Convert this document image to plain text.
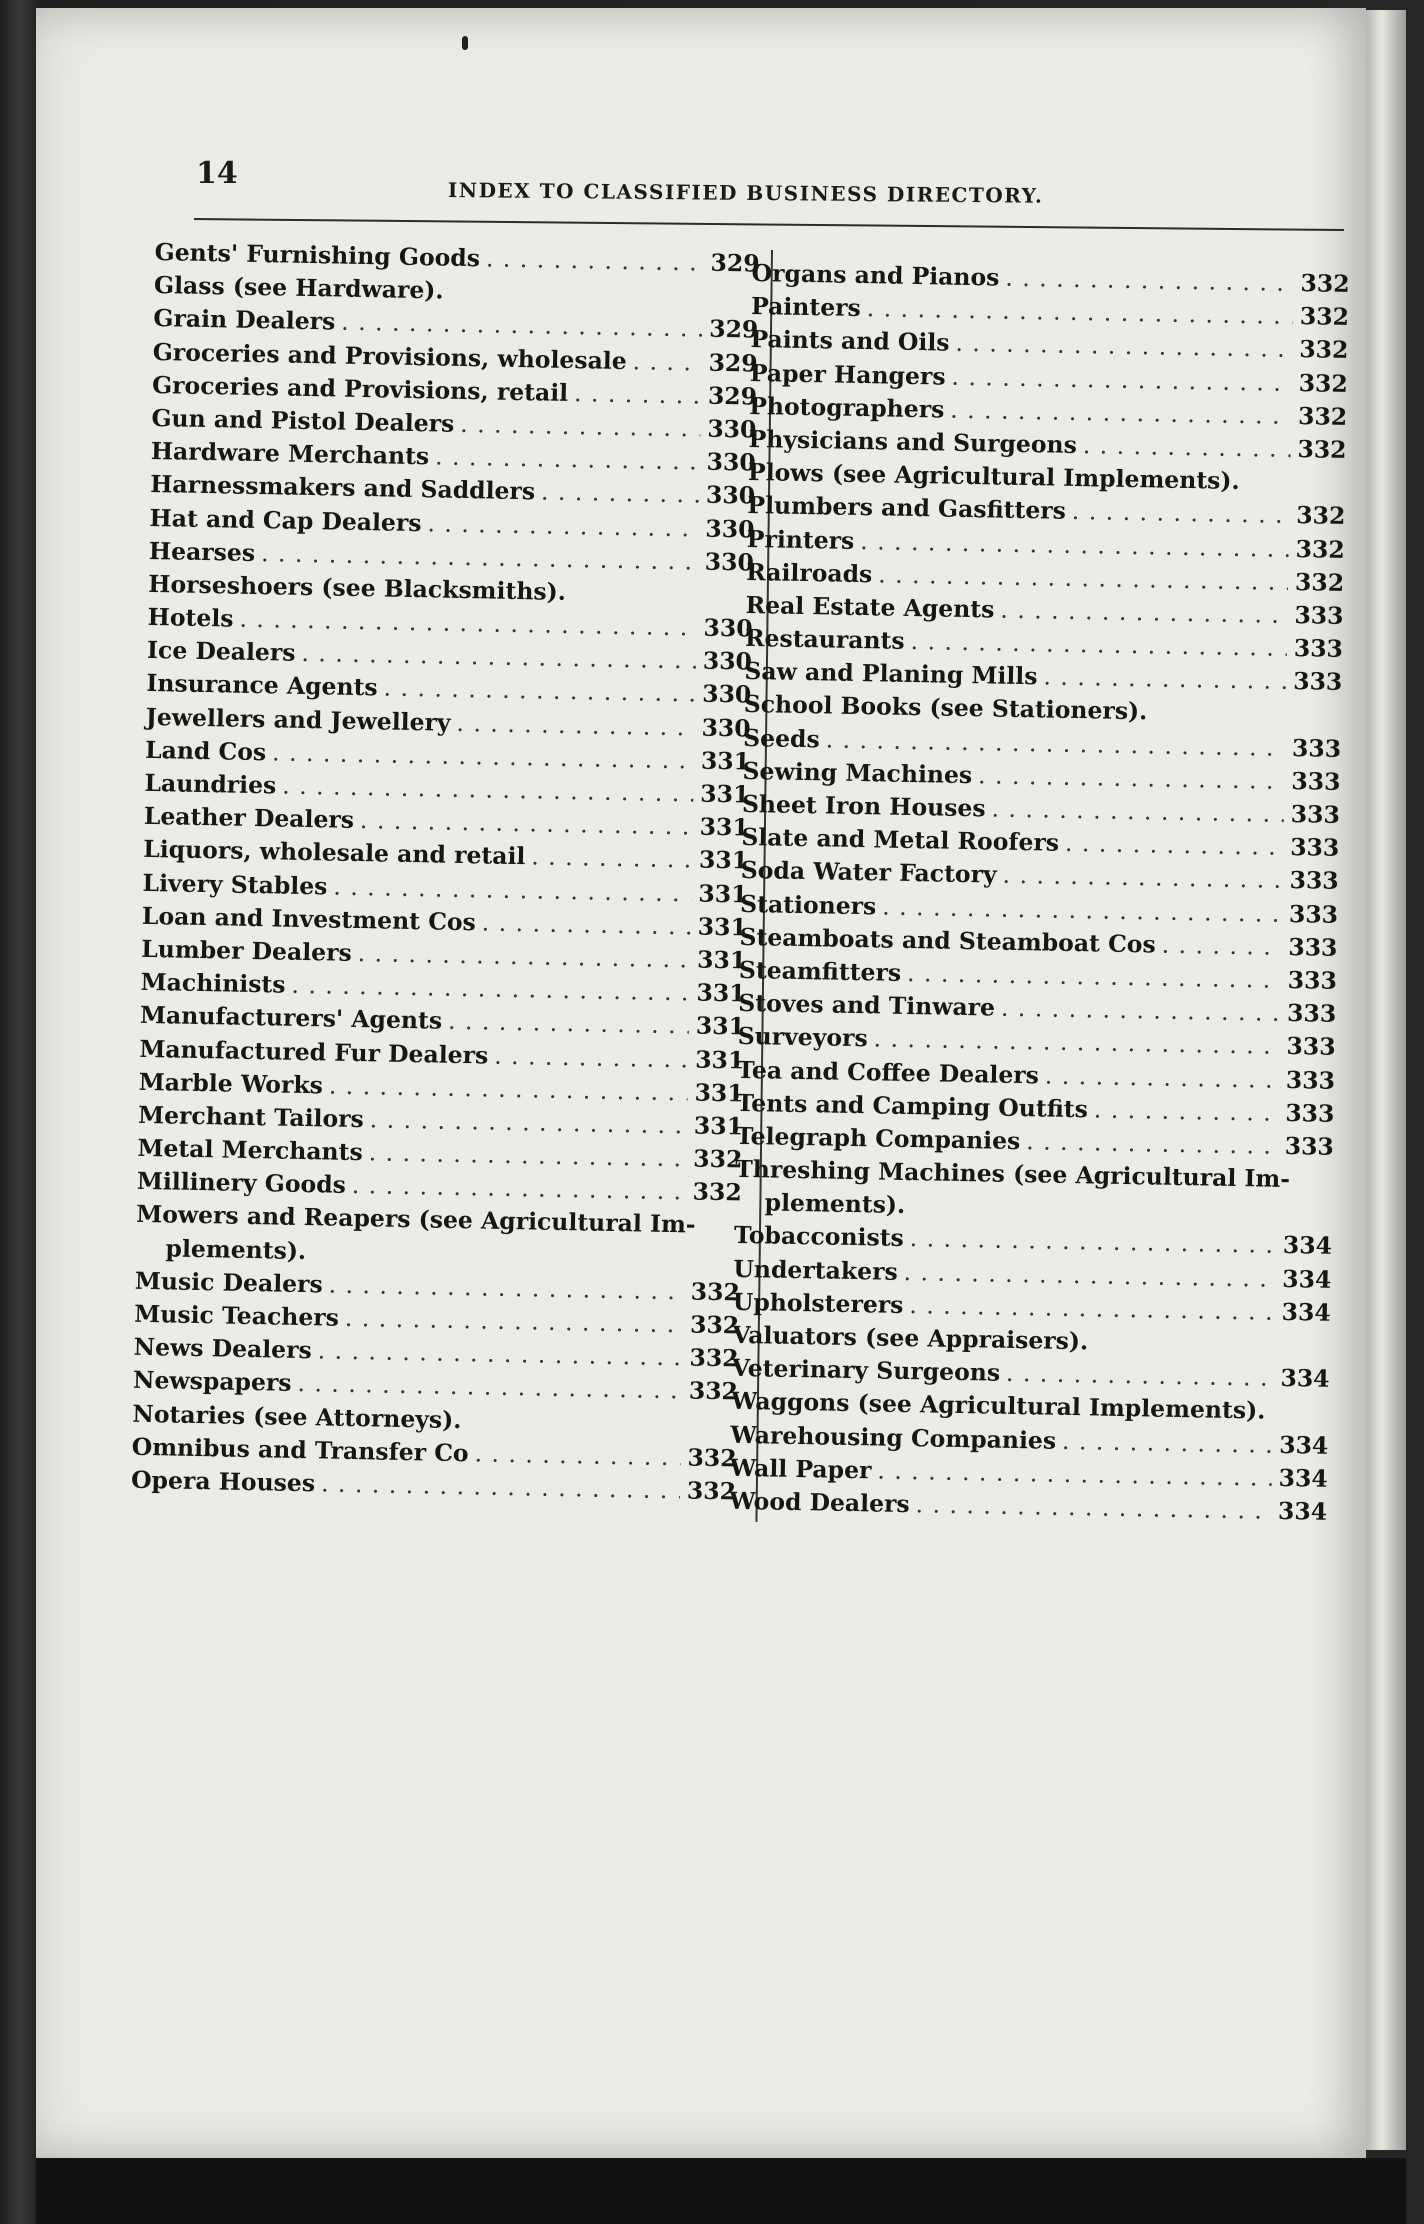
14
INDEX TO CLASSIFIED BUSINESS DIRECTORY.
Gents' Furnishing Goods . . .	329
Glass (see Hardware).
Grain Dealers . . .	329
Groceries and Provisions, wholesale . . .	329
Groceries and Provisions, retail . . .	329
Gun and Pistol Dealers . . .	330
Hardware Merchants . . .	330
Harnessmakers and Saddlers . . .	330
Hat and Cap Dealers . . .	330
Hearses . . .	330
Horseshoers (see Blacksmiths).
Hotels . . .	330
Ice Dealers . . .	330
Insurance Agents . . .	330
Jewellers and Jewellery . . .	330
Land Cos . . .	331
Laundries . . .	331
Leather Dealers . . .	331
Liquors, wholesale and retail . . .	331
Livery Stables . . .	331
Loan and Investment Cos . . .	331
Lumber Dealers . . .	331
Machinists . . .	331
Manufacturers' Agents . . .	331
Manufactured Fur Dealers . . .	331
Marble Works . . .	331
Merchant Tailors . . .	331
Metal Merchants . . .	332
Millinery Goods . . .	332
Mowers and Reapers (see Agricultural Im-
plements).
Music Dealers . . .	332
Music Teachers . . .	332
News Dealers . . .	332
Newspapers . . .	332
Notaries (see Attorneys).
Omnibus and Transfer Co . . .	332
Opera Houses . . .	332
Organs and Pianos . . .	332
Painters . . .	332
Paints and Oils . . .	332
Paper Hangers . . .	332
Photographers . . .	332
Physicians and Surgeons . . .	332
Plows (see Agricultural Implements).
Plumbers and Gasfitters . . .	332
Printers . . .	332
Railroads . . .	332
Real Estate Agents . . .	333
Restaurants . . .	333
Saw and Planing Mills . . .	333
School Books (see Stationers).
Seeds . . .	333
Sewing Machines . . .	333
Sheet Iron Houses . . .	333
Slate and Metal Roofers . . .	333
Soda Water Factory . . .	333
Stationers . . .	333
Steamboats and Steamboat Cos . . .	333
Steamfitters . . .	333
Stoves and Tinware . . .	333
Surveyors . . .	333
Tea and Coffee Dealers . . .	333
Tents and Camping Outfits . . .	333
Telegraph Companies . . .	333
Threshing Machines (see Agricultural Im-
plements).
Tobacconists . . .	334
Undertakers . . .	334
Upholsterers . . .	334
Valuators (see Appraisers).
Veterinary Surgeons . . .	334
Waggons (see Agricultural Implements).
Warehousing Companies . . .	334
Wall Paper . . .	334
Wood Dealers . . .	334
